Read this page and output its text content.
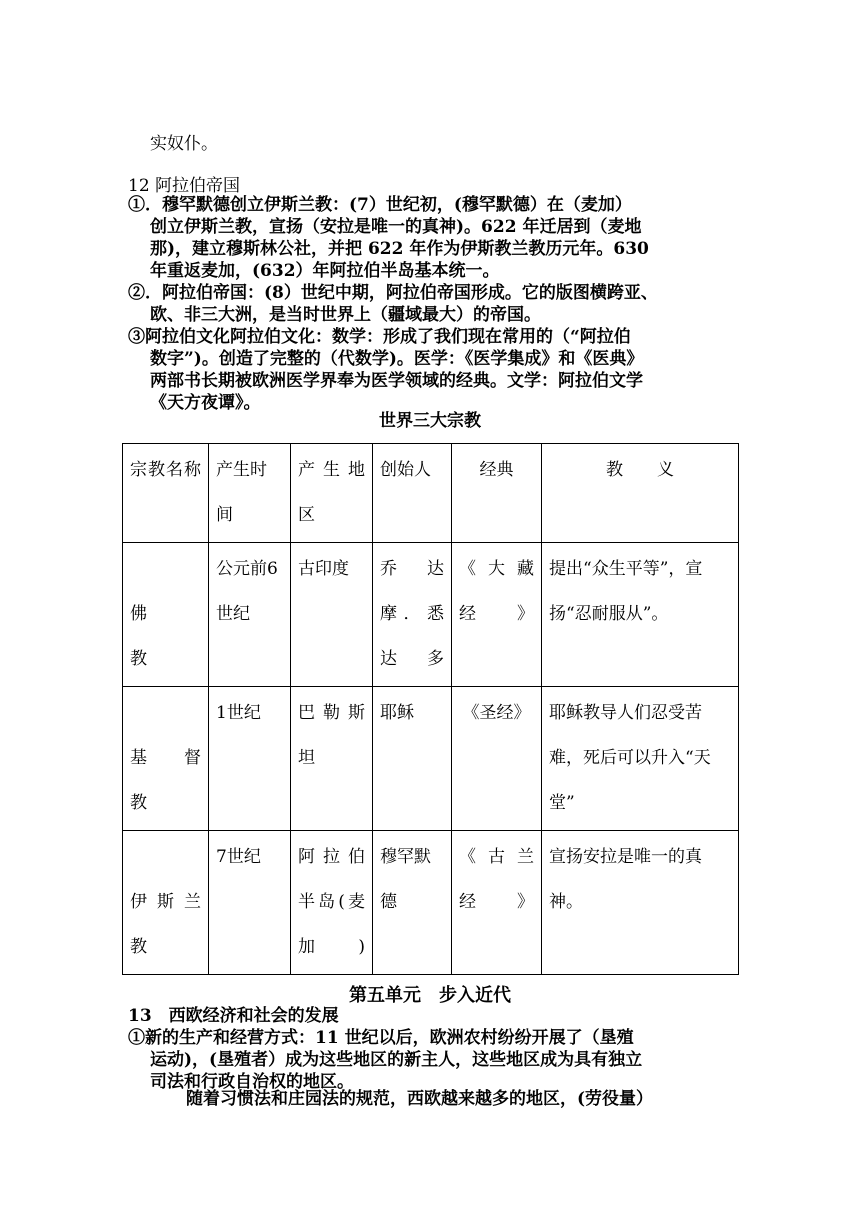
实奴仆。
12 阿拉伯帝国
①．穆罕默德创立伊斯兰教：(7）世纪初，(穆罕默德）在（麦加）
创立伊斯兰教，宣扬（安拉是唯一的真神)。622 年迁居到（麦地
那)，建立穆斯林公社，并把 622 年作为伊斯教兰教历元年。630
年重返麦加，(632）年阿拉伯半岛基本统一。
②．阿拉伯帝国：(8）世纪中期，阿拉伯帝国形成。它的版图横跨亚、
欧、非三大洲，是当时世界上（疆域最大）的帝国。
③阿拉伯文化阿拉伯文化：数学：形成了我们现在常用的（“阿拉伯
数字”)。创造了完整的（代数学)。医学：《医学集成》和《医典》
两部书长期被欧洲医学界奉为医学领域的经典。文学：阿拉伯文学
《天方夜谭》。
世界三大宗教
宗教名称	产生时间	产生地区	创始人	经典	教　　义
佛
教	公元前6世纪	古印度	乔达摩．悉达多	《大藏经》	提出“众生平等”，宣扬“忍耐服从”。
基督
教	1世纪	巴勒斯坦	耶稣	《圣经》	耶稣教导人们忍受苦难，死后可以升入“天堂”
伊斯兰
教	7世纪	阿拉伯半岛(麦加)	穆罕默德	《古兰经》	宣扬安拉是唯一的真神。
第五单元　步入近代
13　西欧经济和社会的发展
①新的生产和经营方式：11 世纪以后，欧洲农村纷纷开展了（垦殖
运动)，(垦殖者）成为这些地区的新主人，这些地区成为具有独立
司法和行政自治权的地区。
随着习惯法和庄园法的规范，西欧越来越多的地区，(劳役量）
